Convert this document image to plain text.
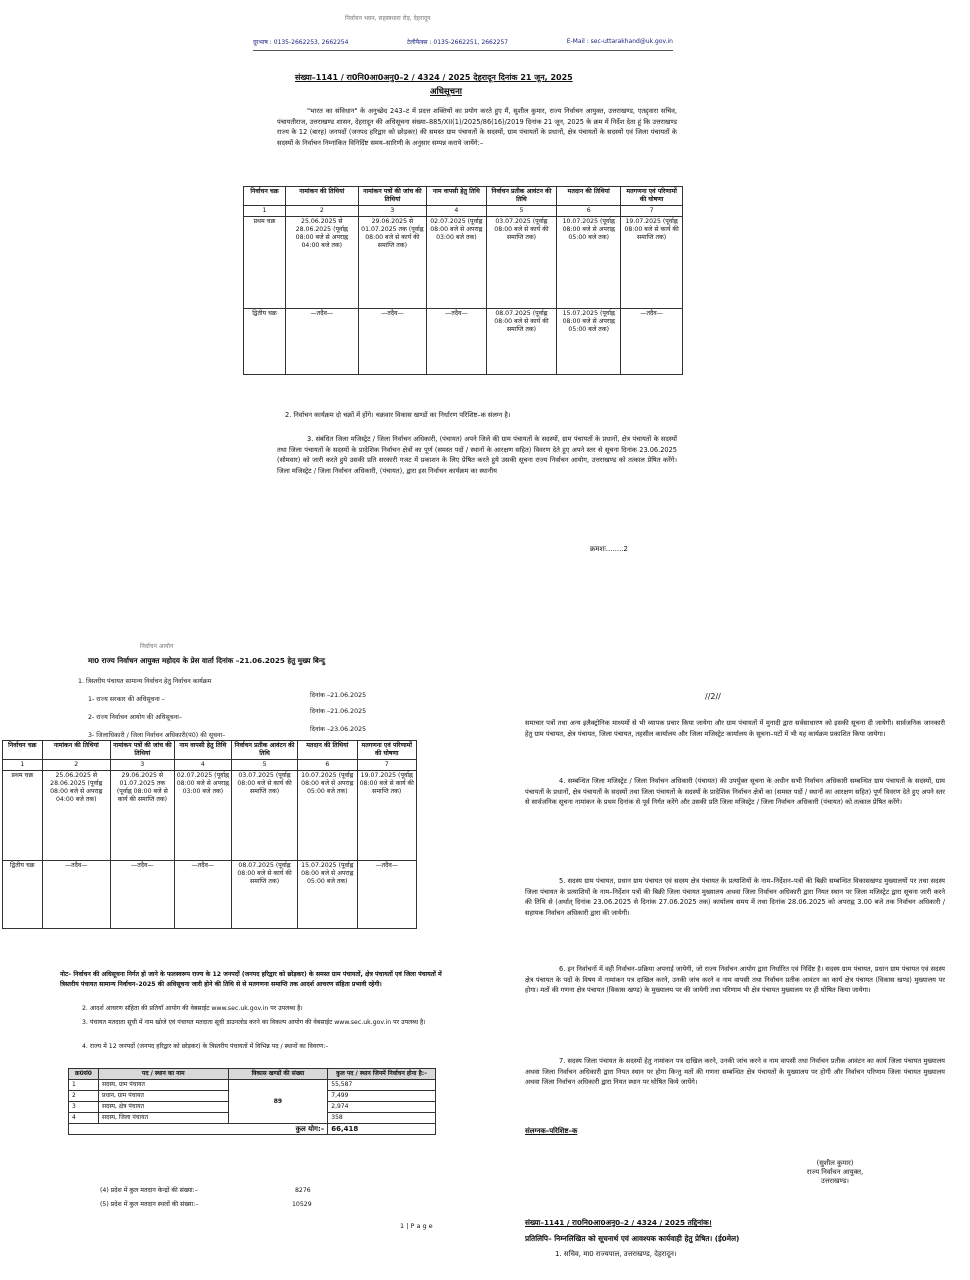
निर्वाचन भवन, सहस्त्रधारा रोड़, देहरादून
दूरभाष : 0135-2662253, 2662254	टेलीफैक्स : 0135-2662251, 2662257	E-Mail : sec-uttarakhand@uk.gov.in
संख्या–1141 / रा0नि0आ0अनु0–2 / 4324 / 2025 देहरादून दिनांक 21 जून, 2025
अधिसूचना
"भारत का संविधान" के अनुच्छेद 243–ट में प्रदत्त शक्तियों का प्रयोग करते हुए मैं, सुशील कुमार, राज्य निर्वाचन आयुक्त, उत्तराखण्ड, एतद्द्वारा सचिव, पंचायतीराज, उत्तराखण्ड शासन, देहरादून की अधिसूचना संख्या–885/XII(1)/2025/86(16)/2019 दिनांक 21 जून, 2025 के क्रम में निर्देश देता हूं कि उत्तराखण्ड राज्य के 12 (बारह) जनपदों (जनपद हरिद्वार को छोड़कर) की समस्त ग्राम पंचायतों के सदस्यों, ग्राम पंचायतों के प्रधानों, क्षेत्र पंचायतों के सदस्यों एवं जिला पंचायतों के सदस्यों के निर्वाचन निम्नांकित विनिर्दिष्ट समय–सारिणी के अनुसार सम्पन्न कराये जायेंगे:–
निर्वाचन चक्र	नामांकन की तिथियां	नामांकन पत्रों की जांच की तिथियां	नाम वापसी हेतु तिथि	निर्वाचन प्रतीक आवंटन की तिथि	मतदान की तिथियां	मतगणना एवं परिणामों की घोषणा
1	2	3	4	5	6	7
प्रथम चक्र	25.06.2025 से 28.06.2025 (पूर्वाह्न 08:00 बजे से अपराह्न 04:00 बजे तक)	29.06.2025 से 01.07.2025 तक (पूर्वाह्न 08:00 बजे से कार्य की समाप्ति तक)	02.07.2025 (पूर्वाह्न 08:00 बजे से अपराह्न 03:00 बजे तक)	03.07.2025 (पूर्वाह्न 08:00 बजे से कार्य की समाप्ति तक)	10.07.2025 (पूर्वाह्न 08:00 बजे से अपराह्न 05:00 बजे तक)	19.07.2025 (पूर्वाह्न 08:00 बजे से कार्य की समाप्ति तक)
द्वितीय चक्र	—तदैव—	—तदैव—	—तदैव—	08.07.2025 (पूर्वाह्न 08:00 बजे से कार्य की समाप्ति तक)	15.07.2025 (पूर्वाह्न 08:00 बजे से अपराह्न 05:00 बजे तक)	—तदैव—
2. निर्वाचन कार्यक्रम दो चक्रों में होंगे। चक्रवार विकास खण्डों का निर्धारण परिशिष्ट–क संलग्न है।
3. संबंधित जिला मजिस्ट्रेट / जिला निर्वाचन अधिकारी, (पंचायत) अपने जिले की ग्राम पंचायतों के सदस्यों, ग्राम पंचायतों के प्रधानों, क्षेत्र पंचायतों के सदस्यों तथा जिला पंचायतों के सदस्यों के प्रादेशिक निर्वाचन क्षेत्रों का पूर्ण (समस्त पदों / स्थानों के आरक्षण सहित) विवरण देते हुए अपने स्तर से सूचना दिनांक 23.06.2025 (सोमवार) को जारी करते हुये उसकी प्रति सरकारी गजट में प्रकाशन के लिए प्रेषित करते हुये उसकी सूचना राज्य निर्वाचन आयोग, उत्तराखण्ड को तत्काल प्रेषित करेंगे। जिला मजिस्ट्रेट / जिला निर्वाचन अधिकारी, (पंचायत), द्वारा इस निर्वाचन कार्यक्रम का स्थानीय
क्रमशः........2
निर्वाचन आयोग
मा0 राज्य निर्वाचन आयुक्त महोदय के प्रेस वार्ता दिनांक –21.06.2025 हेतु मुख्य बिन्दु
1. त्रिस्तरीय पंचायत सामान्य निर्वाचन हेतु निर्वाचन कार्यक्रम
1- राज्य सरकार की अधिसूचना –
दिनांक –21.06.2025
2- राज्य निर्वाचन आयोग की अधिसूचना–
दिनांक –21.06.2025
3- जिलाधिकारी / जिला निर्वाचन अधिकारी(पं0) की सूचना–
दिनांक –23.06.2025
निर्वाचन चक्र	नामांकन की तिथियां	नामांकन पत्रों की जांच की तिथियां	नाम वापसी हेतु तिथि	निर्वाचन प्रतीक आवंटन की तिथि	मतदान की तिथियां	मतगणना एवं परिणामों की घोषणा
1	2	3	4	5	6	7
प्रथम चक्र	25.06.2025 से 28.06.2025 (पूर्वाह्न 08:00 बजे से अपराह्न 04:00 बजे तक)	29.06.2025 से 01.07.2025 तक (पूर्वाह्न 08:00 बजे से कार्य की समाप्ति तक)	02.07.2025 (पूर्वाह्न 08:00 बजे से अपराह्न 03:00 बजे तक)	03.07.2025 (पूर्वाह्न 08:00 बजे से कार्य की समाप्ति तक)	10.07.2025 (पूर्वाह्न 08:00 बजे से अपराह्न 05:00 बजे तक)	19.07.2025 (पूर्वाह्न 08:00 बजे से कार्य की समाप्ति तक)
द्वितीय चक्र	—तदैव—	—तदैव—	—तदैव—	08.07.2025 (पूर्वाह्न 08:00 बजे से कार्य की समाप्ति तक)	15.07.2025 (पूर्वाह्न 08:00 बजे से अपराह्न 05:00 बजे तक)	—तदैव—
नोट– निर्वाचन की अधिसूचना निर्गत हो जाने के फलस्वरूप राज्य के 12 जनपदों (जनपद हरिद्वार को छोड़कर) के समस्त ग्राम पंचायतों, क्षेत्र पंचायतों एवं जिला पंचायतों में त्रिस्तरीय पंचायत सामान्य निर्वाचन–2025 की अधिसूचना जारी होने की तिथि से से मतगणना समाप्ति तक आदर्श आचरण संहिता प्रभावी रहेगी।
2. आदर्श आचरण संहिता की प्रतियाँ आयोग की वेबसाईट www.sec.uk.gov.in पर उपलब्ध है।
3. पंचायत मतदाता सूची में नाम खोजे एवं पंचायत मतदाता सूची डाउनलोड करने का विकल्प आयोग की वेबसाईट www.sec.uk.gov.in पर उपलब्ध है।
4. राज्य में 12 जनपदों (जनपद हरिद्वार को छोड़कर) के त्रिस्तरीय पंचायतों में विभिन्न पद / स्थानों का विवरण:–
क्र0सं0	पद / स्थान का नाम	विकास खण्डों की संख्या	कुल पद / स्थान जिनमें निर्वाचन होना है:–
1	सदस्य, ग्राम पंचायत	89	55,587
2	प्रधान, ग्राम पंचायत		7,499
3	सदस्य, क्षेत्र पंचायत		2,974
4	सदस्य, जिला पंचायत		358
कुल योग:–			66,418
(4) प्रदेश में कुल मतदान केन्द्रों की संख्या:–	8276
(5) प्रदेश में कुल मतदान स्थलों की संख्या:–	10529
1 | P a g e
//2//
समाचार पत्रों तथा अन्य इलैक्ट्रोनिक माध्यमों से भी व्यापक प्रचार किया जायेगा और ग्राम पंचायतों में मुनादी द्वारा सर्वसाधारण को इसकी सूचना दी जायेगी। सार्वजनिक जानकारी हेतु ग्राम पंचायत, क्षेत्र पंचायत, जिला पंचायत, तहसील कार्यालय और जिला मजिस्ट्रेट कार्यालय के सूचना–पटों में भी यह कार्यक्रम प्रकाशित किया जायेगा।
4. सम्बन्धित जिला मजिस्ट्रेट / जिला निर्वाचन अधिकारी (पंचायत) की उपर्युक्त सूचना के अधीन सभी निर्वाचन अधिकारी सम्बन्धित ग्राम पंचायतों के सदस्यों, ग्राम पंचायतों के प्रधानों, क्षेत्र पंचायतों के सदस्यों तथा जिला पंचायतों के सदस्यों के प्रादेशिक निर्वाचन क्षेत्रों का (समस्त पदों / स्थानों का आरक्षण सहित) पूर्ण विवरण देते हुए अपने स्तर से सार्वजनिक सूचना नामांकन के प्रथम दिनांक से पूर्व निर्गत करेंगे और उसकी प्रति जिला मजिस्ट्रेट / जिला निर्वाचन अधिकारी (पंचायत) को तत्काल प्रेषित करेंगे।
5. सदस्य ग्राम पंचायत, प्रधान ग्राम पंचायत एवं सदस्य क्षेत्र पंचायत के प्रत्याशियों के नाम–निर्देशन–पत्रों की बिक्री सम्बन्धित विकासखण्ड मुख्यालयों पर तथा सदस्य जिला पंचायत के प्रत्याशियों के नाम–निर्देशन पत्रों की बिक्री जिला पंचायत मुख्यालय अथवा जिला निर्वाचन अधिकारी द्वारा नियत स्थान पर जिला मजिस्ट्रेट द्वारा सूचना जारी करने की तिथि से (अर्थात् दिनांक 23.06.2025 से दिनांक 27.06.2025 तक) कार्यालय समय में तथा दिनांक 28.06.2025 को अपराह्न 3.00 बजे तक निर्वाचन अधिकारी / सहायक निर्वाचन अधिकारी द्वारा की जायेगी।
6. इन निर्वाचनों में वही निर्वाचन–प्रक्रिया अपनाई जायेगी, जो राज्य निर्वाचन आयोग द्वारा निर्धारित एवं निर्दिष्ट है। सदस्य ग्राम पंचायत, प्रधान ग्राम पंचायत एवं सदस्य क्षेत्र पंचायत के पदों के विषय में नामांकन पत्र दाखिल करने, उनकी जांच करने व नाम वापसी तथा निर्वाचन प्रतीक आवंटन का कार्य क्षेत्र पंचायत (विकास खण्ड) मुख्यालय पर होगा। मतों की गणना क्षेत्र पंचायत (विकास खण्ड) के मुख्यालय पर की जायेगी तथा परिणाम भी क्षेत्र पंचायत मुख्यालय पर ही घोषित किया जायेगा।
7. सदस्य जिला पंचायत के सदस्यों हेतु नामांकन पत्र दाखिल करने, उनकी जांच करने व नाम वापसी तथा निर्वाचन प्रतीक आवंटन का कार्य जिला पंचायत मुख्यालय अथवा जिला निर्वाचन अधिकारी द्वारा नियत स्थान पर होगा किन्तु मतों की गणना सम्बन्धित क्षेत्र पंचायतों के मुख्यालय पर होगी और निर्वाचन परिणाम जिला पंचायत मुख्यालय अथवा जिला निर्वाचन अधिकारी द्वारा नियत स्थान पर घोषित किये जायेंगे।
संलग्नक–परिशिष्ट–क
(सुशील कुमार)
राज्य निर्वाचन आयुक्त,
उत्तराखण्ड।
संख्या–1141 / रा0नि0आ0अनु0–2 / 4324 / 2025 तद्दिनांक।
प्रतिलिपि– निम्नलिखित को सूचनार्थ एवं आवश्यक कार्यवाही हेतु प्रेषित। (ई0मेल)
1. सचिव, मा0 राज्यपाल, उत्तराखण्ड, देहरादून।
